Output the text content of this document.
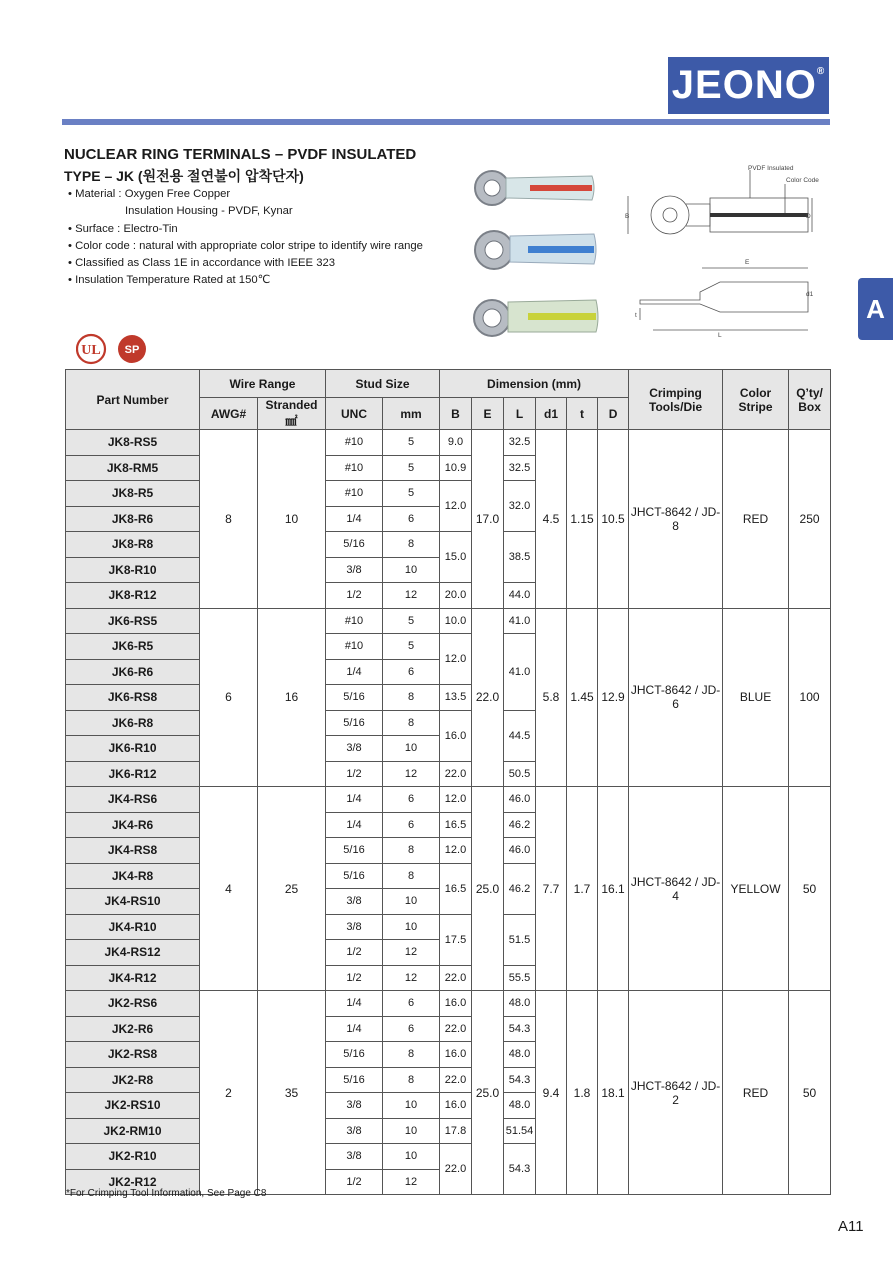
JEONO®
A
NUCLEAR RING TERMINALS – PVDF INSULATED
TYPE – JK (원전용 절연불이 압착단자)
• Material : Oxygen Free Copper
Insulation Housing - PVDF, Kynar
• Surface : Electro-Tin
• Color code : natural with appropriate color stripe to identify wire range
• Classified as Class 1E in accordance with IEEE 323
• Insulation Temperature Rated at 150℃
PVDF Insulated
Color Code
B	D
E
d1
t
L
UL SP
Part Number	Wire Range		Stud Size		Dimension (mm)						Crimping Tools/Die	Color Stripe	Q’ty/ Box
	AWG#	Stranded ㎟	UNC	mm	B	E	L	d1	t	D			
JK8-RS5	8	10	#10	5	9.0	17.0	32.5	4.5	1.15	10.5	JHCT-8642 / JD-8	RED	250
JK8-RM5			#10	5	10.9		32.5						
JK8-R5			#10	5	12.0		32.0						
JK8-R6			1/4	6									
JK8-R8			5/16	8	15.0		38.5						
JK8-R10			3/8	10									
JK8-R12			1/2	12	20.0		44.0						
JK6-RS5	6	16	#10	5	10.0	22.0	41.0	5.8	1.45	12.9	JHCT-8642 / JD-6	BLUE	100
JK6-R5			#10	5	12.0		41.0						
JK6-R6			1/4	6									
JK6-RS8			5/16	8	13.5								
JK6-R8			5/16	8	16.0		44.5						
JK6-R10			3/8	10									
JK6-R12			1/2	12	22.0		50.5						
JK4-RS6	4	25	1/4	6	12.0	25.0	46.0	7.7	1.7	16.1	JHCT-8642 / JD-4	YELLOW	50
JK4-R6			1/4	6	16.5		46.2						
JK4-RS8			5/16	8	12.0		46.0						
JK4-R8			5/16	8	16.5		46.2						
JK4-RS10			3/8	10									
JK4-R10			3/8	10	17.5		51.5						
JK4-RS12			1/2	12									
JK4-R12			1/2	12	22.0		55.5						
JK2-RS6	2	35	1/4	6	16.0	25.0	48.0	9.4	1.8	18.1	JHCT-8642 / JD-2	RED	50
JK2-R6			1/4	6	22.0		54.3						
JK2-RS8			5/16	8	16.0		48.0						
JK2-R8			5/16	8	22.0		54.3						
JK2-RS10			3/8	10	16.0		48.0						
JK2-RM10			3/8	10	17.8		51.54						
JK2-R10			3/8	10	22.0		54.3						
JK2-R12			1/2	12									
*For Crimping Tool Information, See Page C8
A11
